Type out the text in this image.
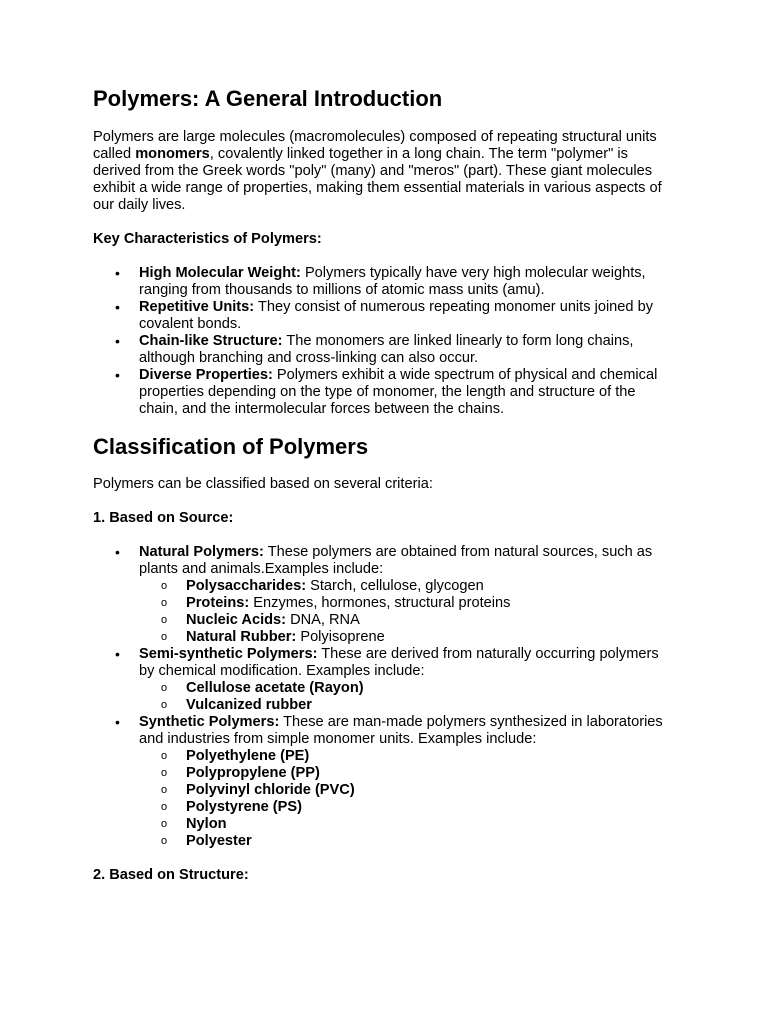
Polymers: A General Introduction

Polymers are large molecules (macromolecules) composed of repeating structural units called monomers, covalently linked together in a long chain. The term "polymer" is derived from the Greek words "poly" (many) and "meros" (part). These giant molecules exhibit a wide range of properties, making them essential materials in various aspects of our daily lives.

Key Characteristics of Polymers:

• High Molecular Weight: Polymers typically have very high molecular weights, ranging from thousands to millions of atomic mass units (amu).
• Repetitive Units: They consist of numerous repeating monomer units joined by covalent bonds.
• Chain-like Structure: The monomers are linked linearly to form long chains, although branching and cross-linking can also occur.
• Diverse Properties: Polymers exhibit a wide spectrum of physical and chemical properties depending on the type of monomer, the length and structure of the chain, and the intermolecular forces between the chains.
Classification of Polymers

Polymers can be classified based on several criteria:

1. Based on Source:

• Natural Polymers: These polymers are obtained from natural sources, such as plants and animals.Examples include:
o Polysaccharides: Starch, cellulose, glycogen
o Proteins: Enzymes, hormones, structural proteins
o Nucleic Acids: DNA, RNA
o Natural Rubber: Polyisoprene
• Semi-synthetic Polymers: These are derived from naturally occurring polymers by chemical modification. Examples include:
o Cellulose acetate (Rayon)
o Vulcanized rubber
• Synthetic Polymers: These are man-made polymers synthesized in laboratories and industries from simple monomer units. Examples include:
o Polyethylene (PE)
o Polypropylene (PP)
o Polyvinyl chloride (PVC)
o Polystyrene (PS)
o Nylon
o Polyester

2. Based on Structure:
